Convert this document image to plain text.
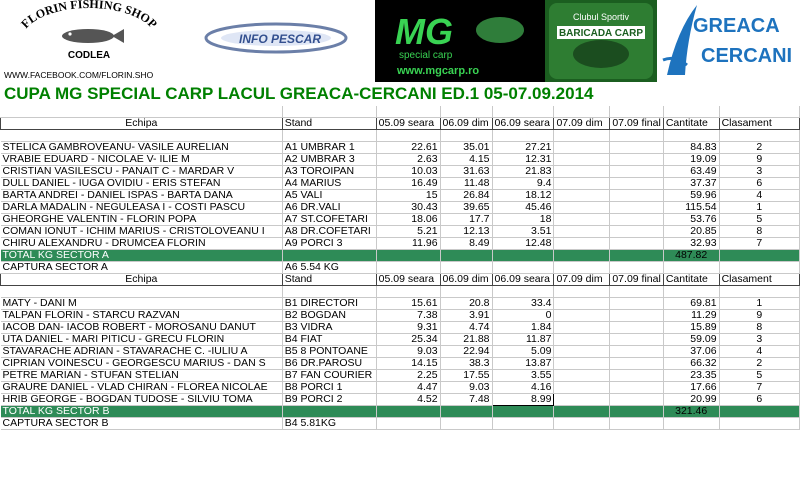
FLORIN FISHING SHOP
CODLEA
WWW.FACEBOOK.COM/FLORIN.SHO
INFO PESCAR MG
special carp
www.mgcarp.ro
Clubul Sportiv
BARICADA CARP GREACA
CERCANI
CUPA MG SPECIAL CARP LACUL GREACA-CERCANI ED.1 05-07.09.2014

Echipa	Stand	05.09 seara	06.09 dim	06.09 seara	07.09 dim	07.09 final	Cantitate	Clasament

STELICA GAMBROVEANU- VASILE AURELIAN	A1 UMBRAR 1	22.61	35.01	27.21			84.83	2
VRABIE EDUARD - NICOLAE V- ILIE M	A2 UMBRAR 3	2.63	4.15	12.31			19.09	9
CRISTIAN VASILESCU - PANAIT C - MARDAR V	A3 TOROIPAN	10.03	31.63	21.83			63.49	3
DULL DANIEL - IUGA OVIDIU - ERIS STEFAN	A4 MARIUS	16.49	11.48	9.4			37.37	6
BARTA ANDREI - DANIEL ISPAS - BARTA DANA	A5 VALI	15	26.84	18.12			59.96	4
DARLA MADALIN - NEGULEASA I - COSTI PASCU	A6 DR.VALI	30.43	39.65	45.46			115.54	1
GHEORGHE VALENTIN - FLORIN POPA	A7 ST.COFETARI	18.06	17.7	18			53.76	5
COMAN IONUT - ICHIM MARIUS - CRISTOLOVEANU I	A8 DR.COFETARI	5.21	12.13	3.51			20.85	8
CHIRU ALEXANDRU - DRUMCEA FLORIN	A9 PORCI 3	11.96	8.49	12.48			32.93	7
TOTAL KG SECTOR A							487.82	
CAPTURA SECTOR A	A6 5.54 KG							
Echipa	Stand	05.09 seara	06.09 dim	06.09 seara	07.09 dim	07.09 final	Cantitate	Clasament

MATY - DANI M	B1 DIRECTORI	15.61	20.8	33.4			69.81	1
TALPAN FLORIN - STARCU RAZVAN	B2 BOGDAN	7.38	3.91	0			11.29	9
IACOB DAN- IACOB ROBERT - MOROSANU DANUT	B3 VIDRA	9.31	4.74	1.84			15.89	8
UTA DANIEL - MARI PITICU - GRECU FLORIN	B4 FIAT	25.34	21.88	11.87			59.09	3
STAVARACHE ADRIAN - STAVARACHE C. -IULIU A	B5 8 PONTOANE	9.03	22.94	5.09			37.06	4
CIPRIAN VOINESCU - GEORGESCU MARIUS - DAN S	B6 DR.PAROSU	14.15	38.3	13.87			66.32	2
PETRE MARIAN - STUFAN STELIAN	B7 FAN COURIER	2.25	17.55	3.55			23.35	5
GRAURE DANIEL - VLAD CHIRAN - FLOREA NICOLAE	B8 PORCI 1	4.47	9.03	4.16			17.66	7
HRIB GEORGE - BOGDAN TUDOSE - SILVIU TOMA	B9 PORCI 2	4.52	7.48	8.99			20.99	6
TOTAL KG SECTOR B							321.46	
CAPTURA SECTOR B	B4 5.81KG							
